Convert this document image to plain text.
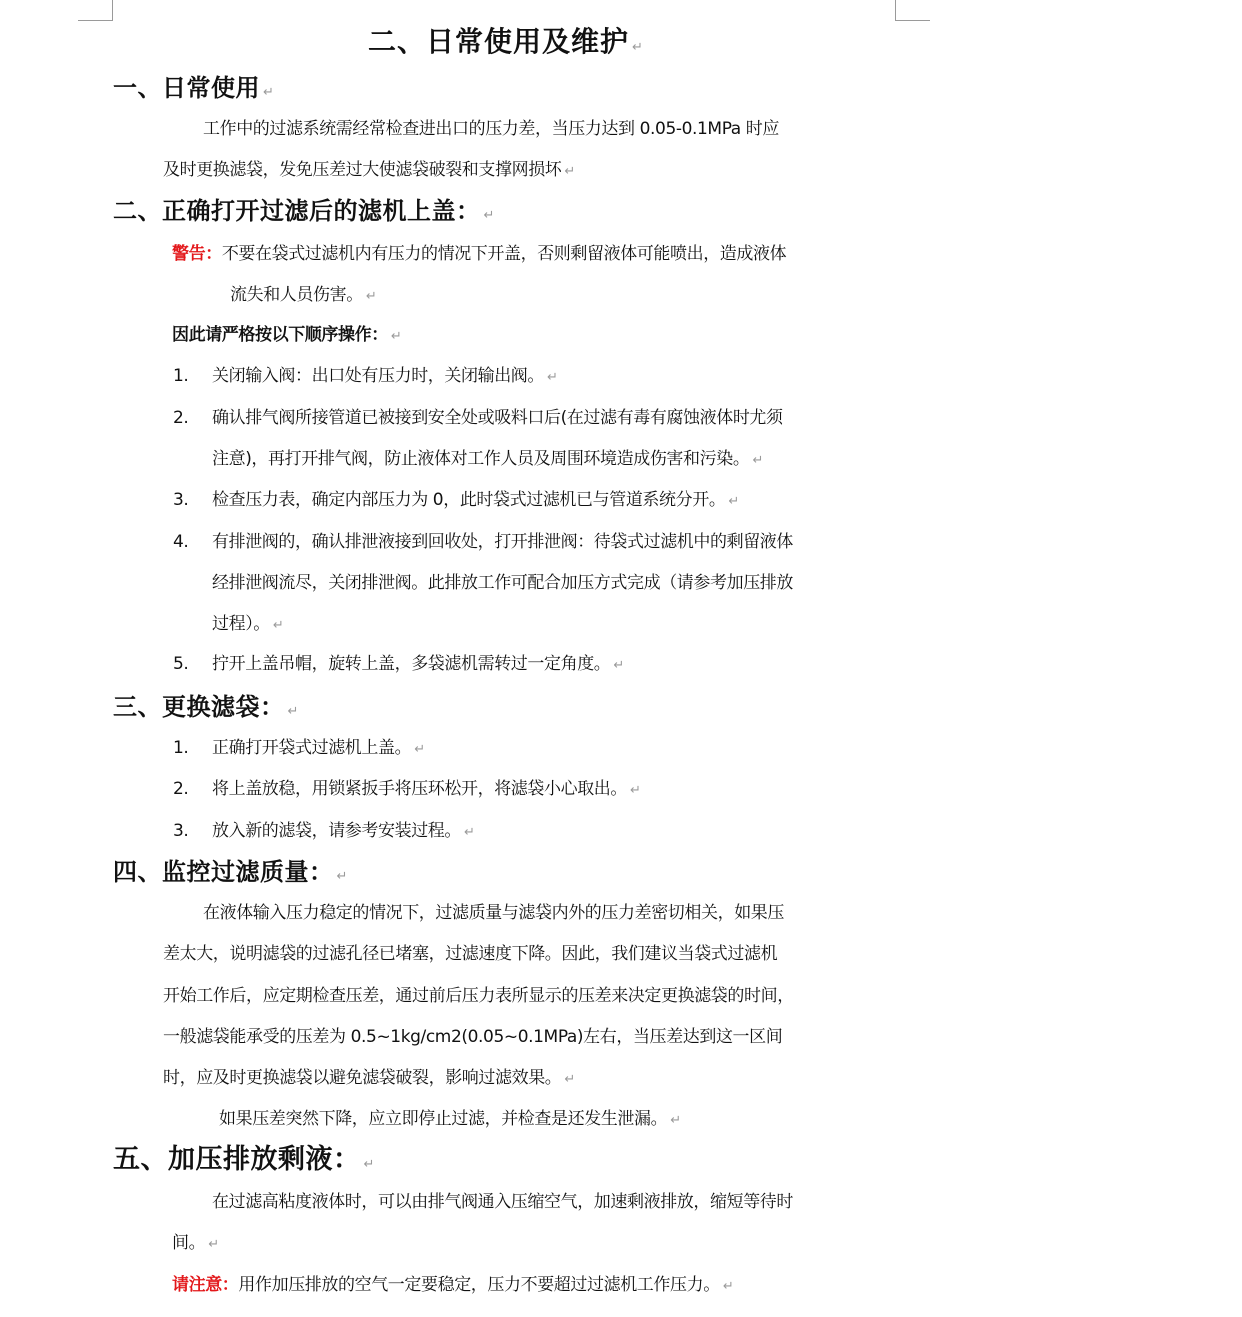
二、日常使用及维护 ↵
一、日常使用 ↵
工作中的过滤系统需经常检查进出口的压力差，当压力达到 0.05-0.1MPa 时应
及时更换滤袋，发免压差过大使滤袋破裂和支撑网损坏 ↵
二、正确打开过滤后的滤机上盖： ↵
警告：不要在袋式过滤机内有压力的情况下开盖，否则剩留液体可能喷出，造成液体
流失和人员伤害。 ↵
因此请严格按以下顺序操作： ↵
1. 关闭输入阀：出口处有压力时，关闭输出阀。 ↵
2. 确认排气阀所接管道已被接到安全处或吸料口后(在过滤有毒有腐蚀液体时尤须
注意)，再打开排气阀，防止液体对工作人员及周围环境造成伤害和污染。 ↵
3. 检查压力表，确定内部压力为 0，此时袋式过滤机已与管道系统分开。 ↵
4. 有排泄阀的，确认排泄液接到回收处，打开排泄阀：待袋式过滤机中的剩留液体
经排泄阀流尽，关闭排泄阀。此排放工作可配合加压方式完成（请参考加压排放
过程）。 ↵
5. 拧开上盖吊帽，旋转上盖，多袋滤机需转过一定角度。 ↵
三、更换滤袋： ↵
1. 正确打开袋式过滤机上盖。 ↵
2. 将上盖放稳，用锁紧扳手将压环松开，将滤袋小心取出。 ↵
3. 放入新的滤袋，请参考安装过程。 ↵
四、监控过滤质量： ↵
在液体输入压力稳定的情况下，过滤质量与滤袋内外的压力差密切相关，如果压
差太大，说明滤袋的过滤孔径已堵塞，过滤速度下降。因此，我们建议当袋式过滤机
开始工作后，应定期检查压差，通过前后压力表所显示的压差来决定更换滤袋的时间，
一般滤袋能承受的压差为 0.5~1kg/cm2(0.05~0.1MPa)左右，当压差达到这一区间
时，应及时更换滤袋以避免滤袋破裂，影响过滤效果。 ↵
如果压差突然下降，应立即停止过滤，并检查是还发生泄漏。 ↵
五、加压排放剩液： ↵
在过滤高粘度液体时，可以由排气阀通入压缩空气，加速剩液排放，缩短等待时
间。 ↵
请注意：用作加压排放的空气一定要稳定，压力不要超过过滤机工作压力。 ↵
